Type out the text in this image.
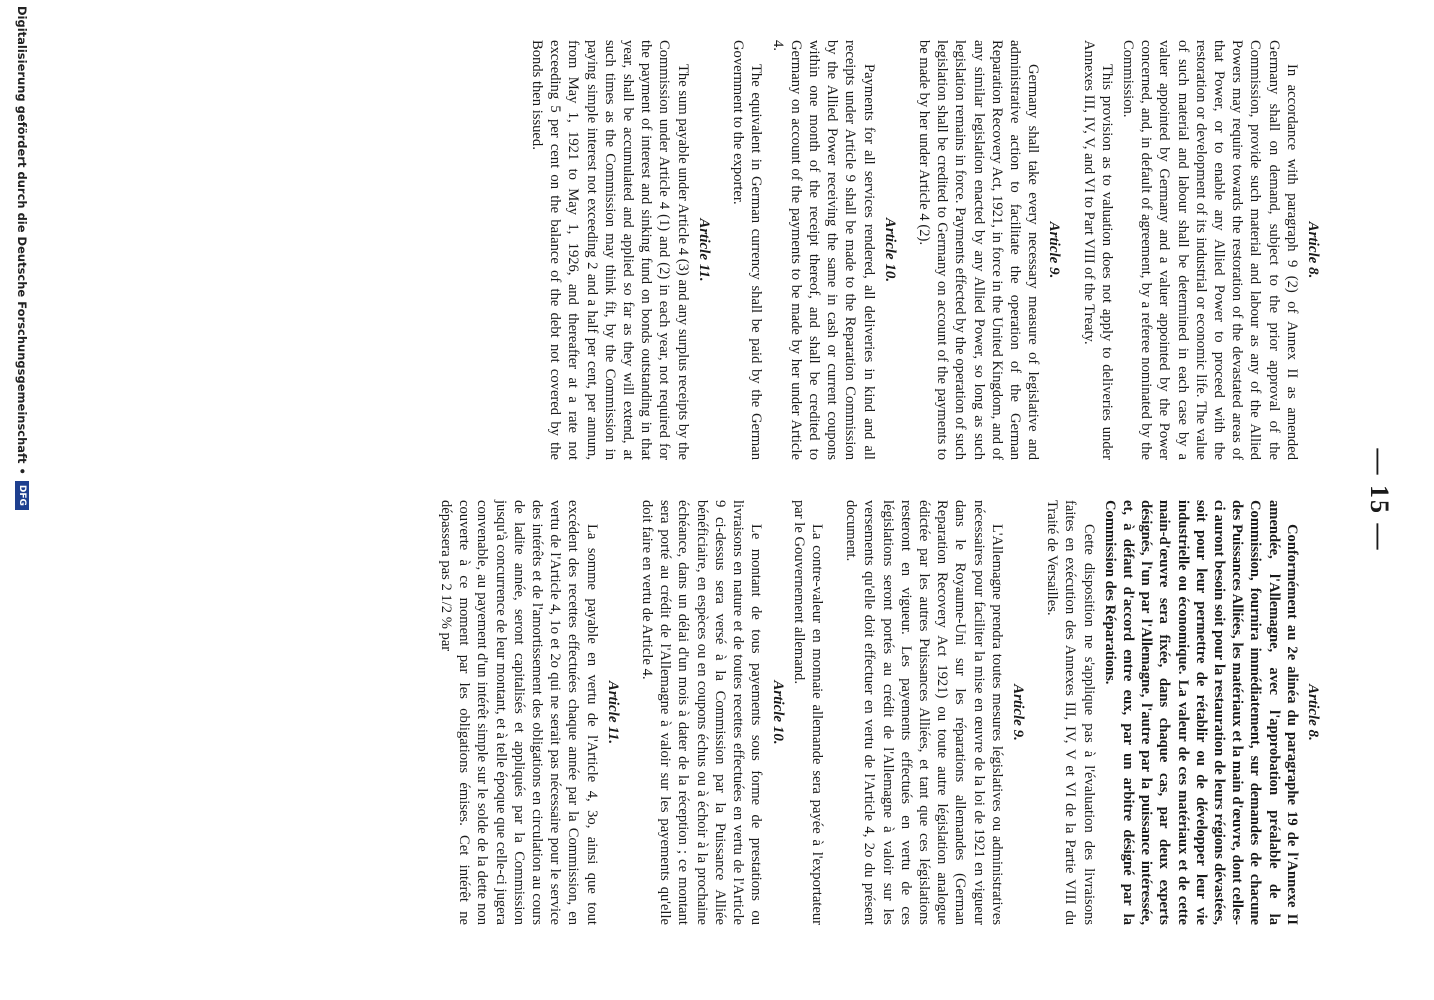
— 15 —

Article 8.

In accordance with paragraph 9 (2) of Annex II as amended Germany shall on demand, subject to the prior approval of the Commission, provide such material and labour as any of the Allied Powers may require towards the restoration of the devastated areas of that Power, or to enable any Allied Power to proceed with the restoration or development of its industrial or economic life. The value of such material and labour shall be determined in each case by a valuer appointed by Germany and a valuer appointed by the Power concerned, and, in default of agreement, by a referee nominated by the Commission.

This provision as to valuation does not apply to deliveries under Annexes III, IV, V, and VI to Part VIII of the Treaty.

Article 9.

Germany shall take every necessary measure of legislative and administrative action to facilitate the operation of the German Reparation Recovery Act, 1921, in force in the United Kingdom, and of any similar legislation enacted by any Allied Power, so long as such legislation remains in force. Payments effected by the operation of such legislation shall be credited to Germany on account of the payments to be made by her under Article 4 (2).

Article 10.

Payments for all services rendered, all deliveries in kind and all receipts under Article 9 shall be made to the Reparation Commission by the Allied Power receiving the same in cash or current coupons within one month of the receipt thereof, and shall be credited to Germany on account of the payments to be made by her under Article 4.

The equivalent in German currency shall be paid by the German Government to the exporter.

Article 11.

The sum payable under Article 4 (3) and any surplus receipts by the Commission under Article 4 (1) and (2) in each year, not required for the payment of interest and sinking fund on bonds outstanding in that year, shall be accumulated and applied so far as they will extend, at such times as the Commission may think fit, by the Commission in paying simple interest not exceeding 2 and a half per cent, per annum, from May 1, 1921 to May 1, 1926, and thereafter at a rate not exceeding 5 per cent on the balance of the debt not covered by the Bonds then issued.

Article 8.

Conformément au 2e alinéa du paragraphe 19 de l'Annexe II amendée, l'Allemagne, avec l'approbation préalable de la Commission, fournira immédiatement, sur demandes de chacune des Puissances Alliées, les matériaux et la main d'œuvre, dont celles-ci auront besoin soit pour la restauration de leurs régions dévastées, soit pour leur permettre de rétablir ou de développer leur vie industrielle ou économique. La valeur de ces matériaux et de cette main-d'œuvre sera fixée, dans chaque cas, par deux experts désignés, l'un par l'Allemagne, l'autre par la puissance intéressée, et, à défaut d'accord entre eux, par un arbitre désigné par la Commission des Réparations.

Cette disposition ne s'applique pas à l'évaluation des livraisons faites en exécution des Annexes III, IV, V et VI de la Partie VIII du Traité de Versailles.

Article 9.

L'Allemagne prendra toutes mesures législatives ou administratives nécessaires pour faciliter la mise en œuvre de la loi de 1921 en vigueur dans le Royaume-Uni sur les réparations allemandes (German Reparation Recovery Act 1921) ou toute autre législation analogue édictée par les autres Puissances Alliées, et tant que ces législations resteront en vigueur. Les payements effectués en vertu de ces législations seront portés au crédit de l'Allemagne à valoir sur les versements qu'elle doit effectuer en vertu de l'Article 4, 2o du présent document.

La contre-valeur en monnaie allemande sera payée à l'exportateur par le Gouvernement allemand.

Article 10.

Le montant de tous payements sous forme de prestations ou livraisons en nature et de toutes recettes effectuées en vertu de l'Article 9 ci-dessus sera versé à la Commission par la Puissance Alliée bénéficiaire, en espèces ou en coupons échus ou à échoir à la prochaine échéance, dans un délai d'un mois à dater de la réception ; ce montant sera porté au crédit de l'Allemagne à valoir sur les payements qu'elle doit faire en vertu de Article 4.

Article 11.

La somme payable en vertu de l'Article 4, 3o, ainsi que tout excédent des recettes effectuées chaque année par la Commission, en vertu de l'Article 4, 1o et 2o qui ne serait pas nécessaire pour le service des intérêts et de l'amortissement des obligations en circulation au cours de ladite année, seront capitalisés et appliqués par la Commission jusqu'à concurrence de leur montant, et à telle époque que celle-ci jugera convenable, au payement d'un intérêt simple sur le solde de la dette non couverte à ce moment par les obligations émises. Cet intérêt ne dépassera pas 2 1/2 % par

Digitalisierung gefördert durch die Deutsche Forschungsgemeinschaft •
DFG
